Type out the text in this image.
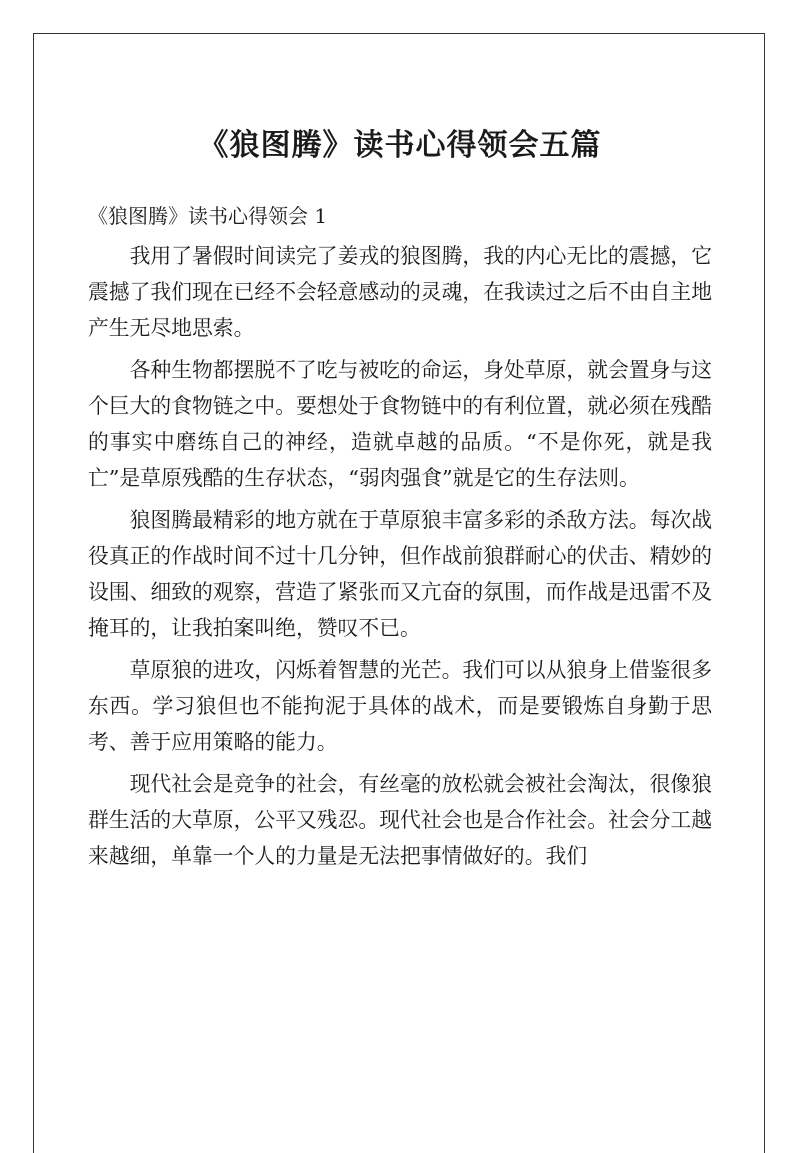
《狼图腾》读书心得领会五篇

《狼图腾》读书心得领会 1

我用了暑假时间读完了姜戎的狼图腾，我的内心无比的震撼，它震撼了我们现在已经不会轻意感动的灵魂，在我读过之后不由自主地产生无尽地思索。

各种生物都摆脱不了吃与被吃的命运，身处草原，就会置身与这个巨大的食物链之中。要想处于食物链中的有利位置，就必须在残酷的事实中磨练自己的神经，造就卓越的品质。“不是你死，就是我亡”是草原残酷的生存状态，“弱肉强食”就是它的生存法则。

狼图腾最精彩的地方就在于草原狼丰富多彩的杀敌方法。每次战役真正的作战时间不过十几分钟，但作战前狼群耐心的伏击、精妙的设围、细致的观察，营造了紧张而又亢奋的氛围，而作战是迅雷不及掩耳的，让我拍案叫绝，赞叹不已。

草原狼的进攻，闪烁着智慧的光芒。我们可以从狼身上借鉴很多东西。学习狼但也不能拘泥于具体的战术，而是要锻炼自身勤于思考、善于应用策略的能力。

现代社会是竞争的社会，有丝毫的放松就会被社会淘汰，很像狼群生活的大草原，公平又残忍。现代社会也是合作社会。社会分工越来越细，单靠一个人的力量是无法把事情做好的。我们
